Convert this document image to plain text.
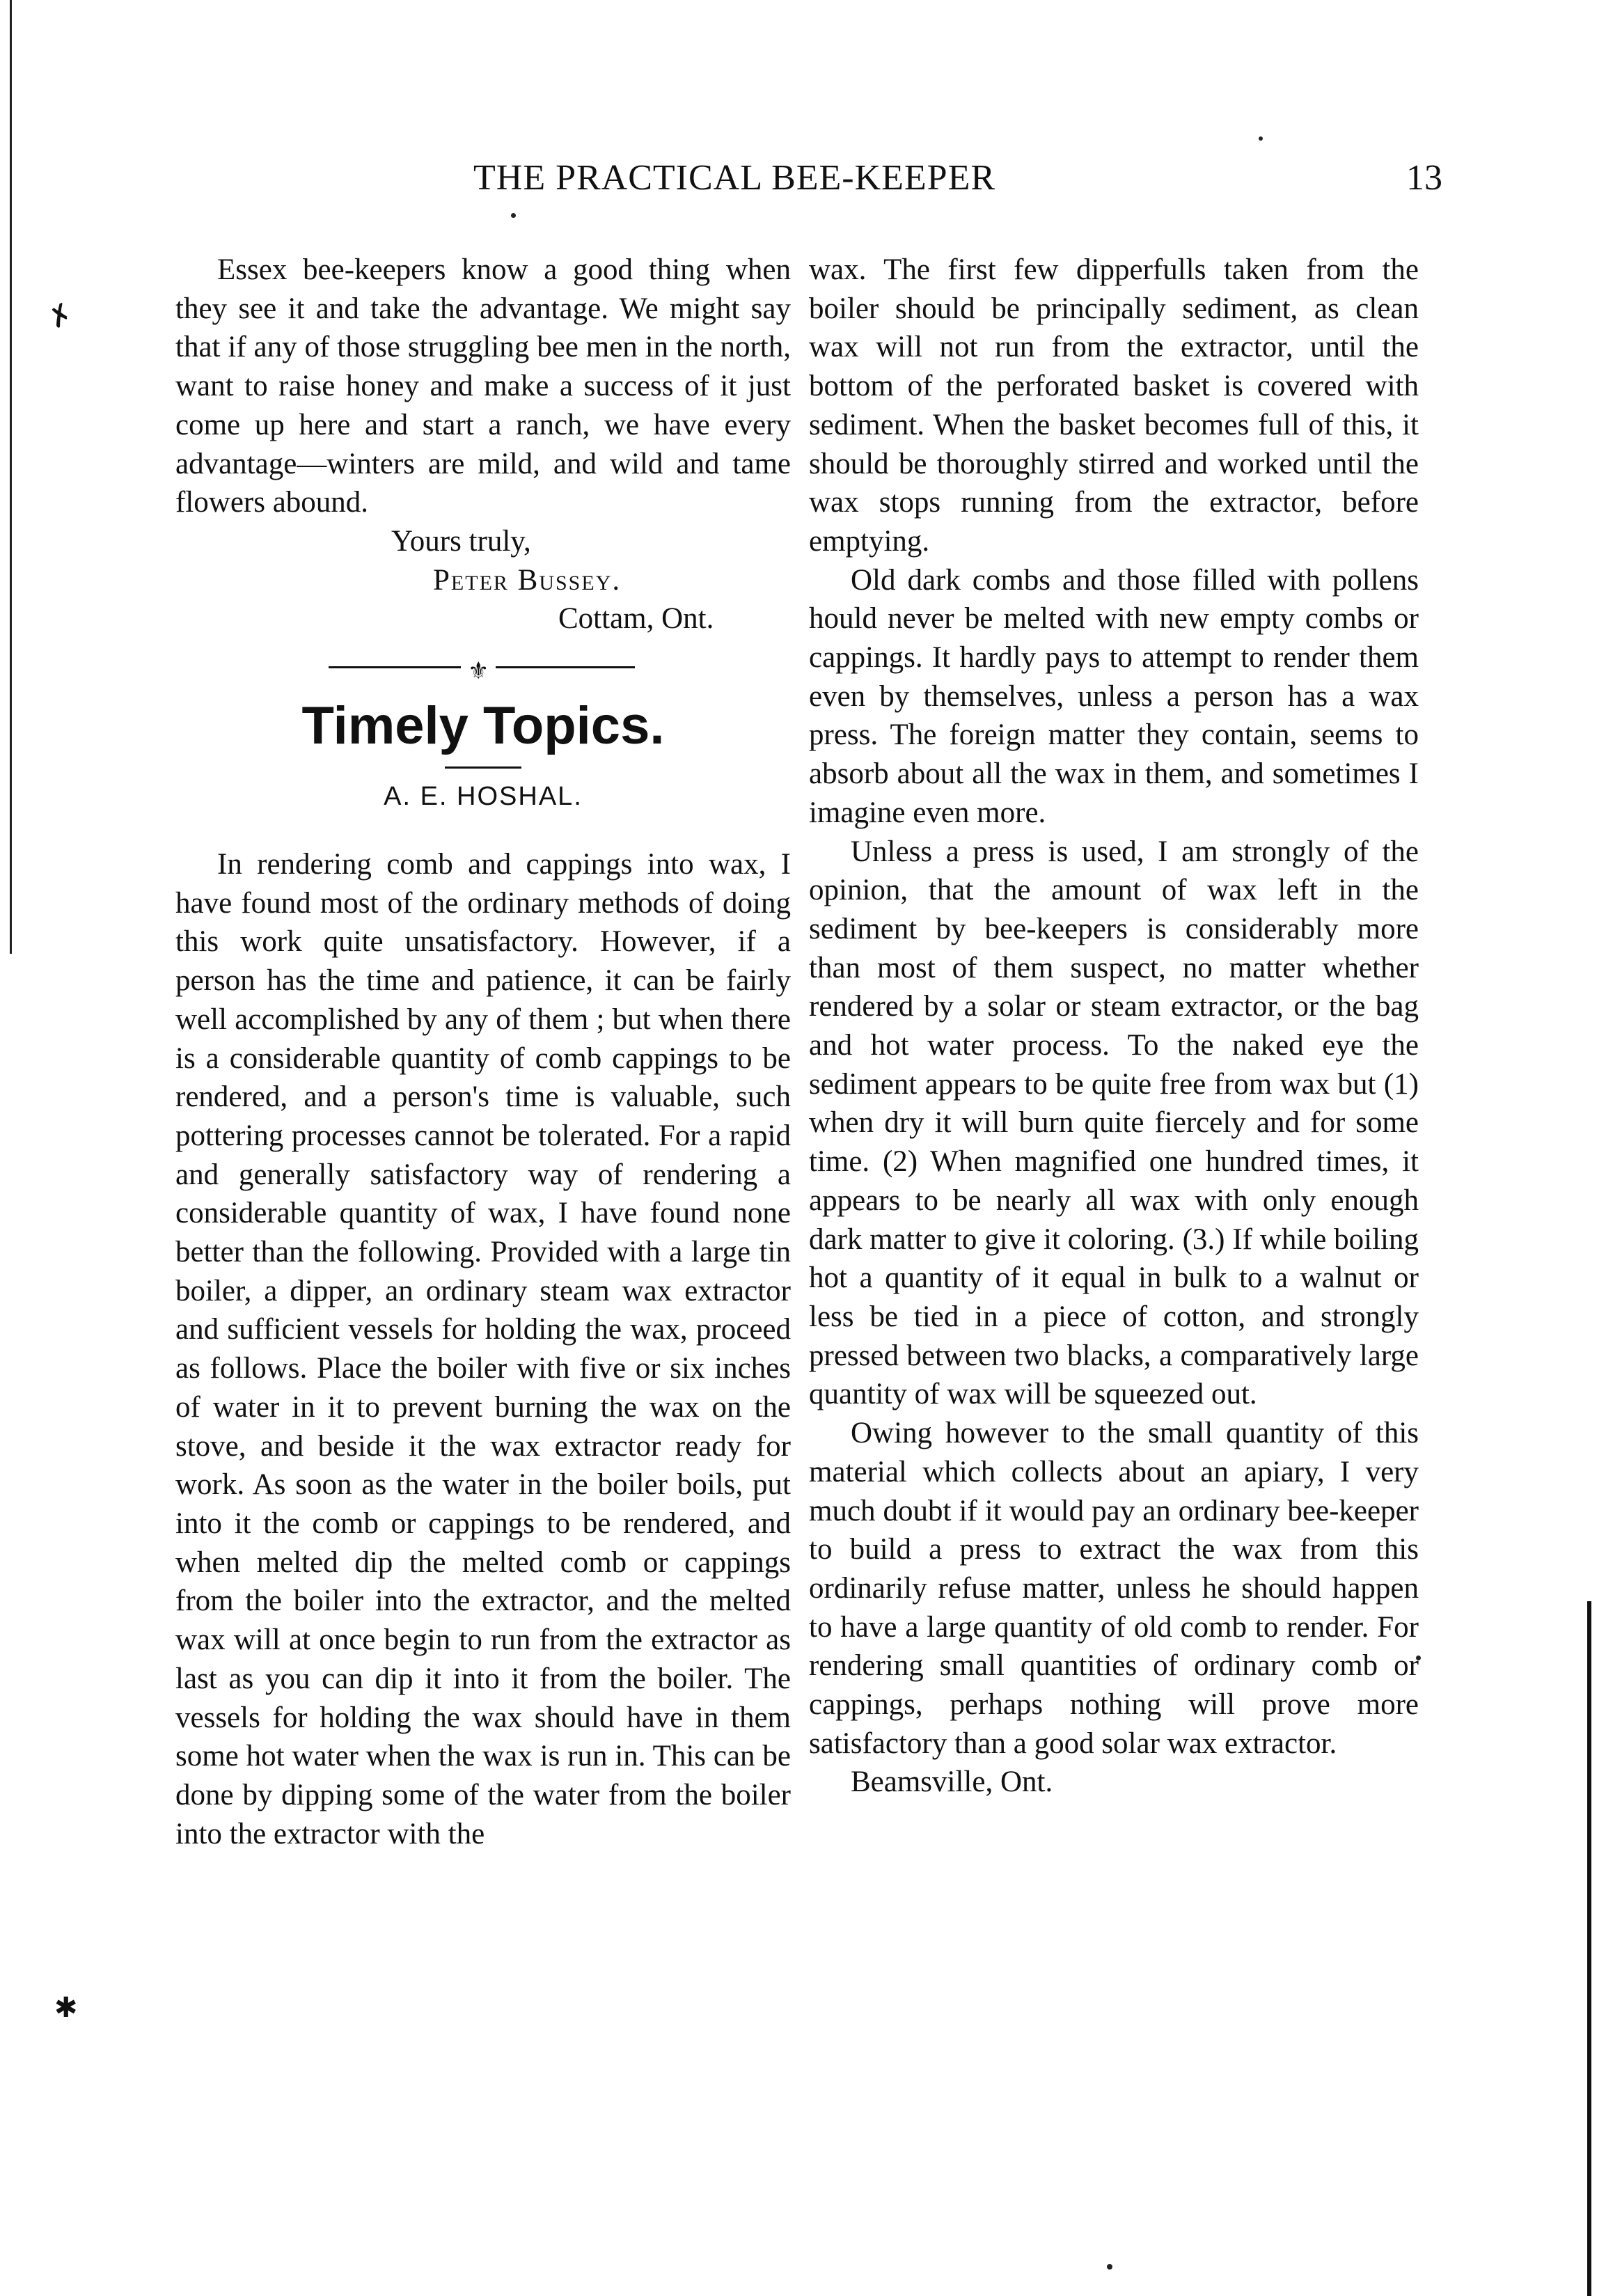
✗
✱
THE PRACTICAL BEE-KEEPER	13

Essex bee-keepers know a good thing when they see it and take the advantage. We might say that if any of those struggling bee men in the north, want to raise honey and make a success of it just come up here and start a ranch, we have every advantage—winters are mild, and wild and tame flowers abound.

Yours truly,
Peter Bussey.
Cottam, Ont.
⚜
Timely Topics.
A. E. HOSHAL.

In rendering comb and cappings into wax, I have found most of the ordinary methods of doing this work quite unsatisfactory. However, if a person has the time and patience, it can be fairly well accomplished by any of them ; but when there is a considerable quantity of comb cappings to be rendered, and a person's time is valuable, such pottering processes cannot be tolerated. For a rapid and generally satisfactory way of rendering a considerable quantity of wax, I have found none better than the following. Provided with a large tin boiler, a dipper, an ordinary steam wax extractor and sufficient vessels for holding the wax, proceed as follows. Place the boiler with five or six inches of water in it to prevent burning the wax on the stove, and beside it the wax extractor ready for work. As soon as the water in the boiler boils, put into it the comb or cappings to be rendered, and when melted dip the melted comb or cappings from the boiler into the extractor, and the melted wax will at once begin to run from the extractor as last as you can dip it into it from the boiler. The vessels for holding the wax should have in them some hot water when the wax is run in. This can be done by dipping some of the water from the boiler into the extractor with the

wax. The first few dipperfulls taken from the boiler should be principally sediment, as clean wax will not run from the extractor, until the bottom of the perforated basket is covered with sediment. When the basket becomes full of this, it should be thoroughly stirred and worked until the wax stops running from the extractor, before emptying.

Old dark combs and those filled with pollens hould never be melted with new empty combs or cappings. It hardly pays to attempt to render them even by themselves, unless a person has a wax press. The foreign matter they contain, seems to absorb about all the wax in them, and sometimes I imagine even more.

Unless a press is used, I am strongly of the opinion, that the amount of wax left in the sediment by bee-keepers is considerably more than most of them suspect, no matter whether rendered by a solar or steam extractor, or the bag and hot water process. To the naked eye the sediment appears to be quite free from wax but (1) when dry it will burn quite fiercely and for some time. (2) When magnified one hundred times, it appears to be nearly all wax with only enough dark matter to give it coloring. (3.) If while boiling hot a quantity of it equal in bulk to a walnut or less be tied in a piece of cotton, and strongly pressed between two blacks, a comparatively large quantity of wax will be squeezed out.

Owing however to the small quantity of this material which collects about an apiary, I very much doubt if it would pay an ordinary bee-keeper to build a press to extract the wax from this ordinarily refuse matter, unless he should happen to have a large quantity of old comb to render. For rendering small quantities of ordinary comb or cappings, perhaps nothing will prove more satisfactory than a good solar wax extractor.

Beamsville, Ont.
